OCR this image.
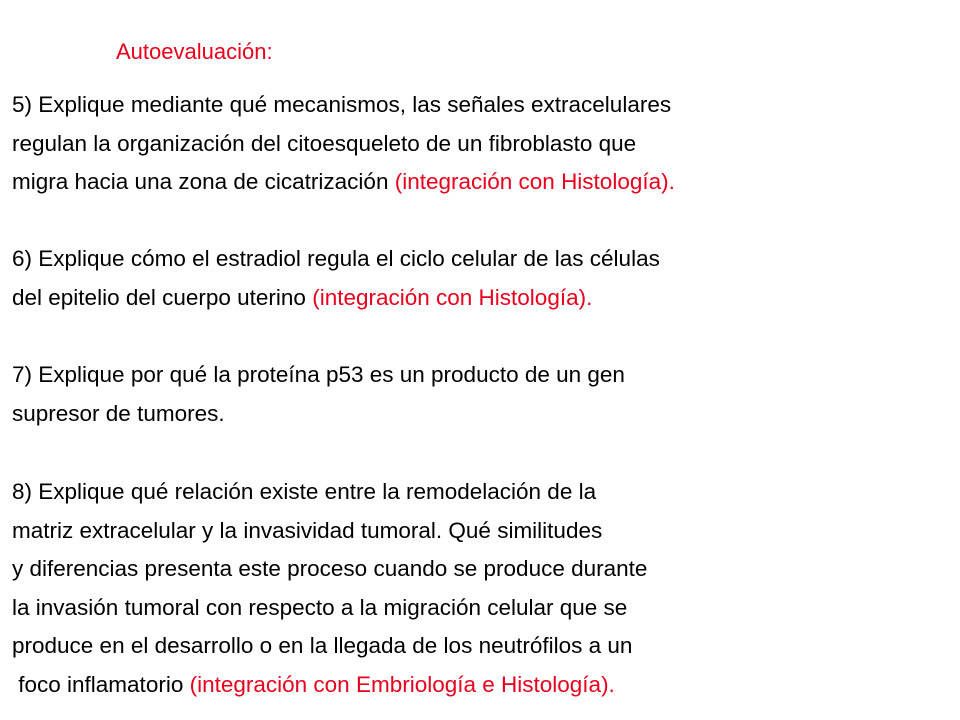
Autoevaluación:
5) Explique mediante qué mecanismos, las señales extracelulares
regulan la organización del citoesqueleto de un fibroblasto que
migra hacia una zona de cicatrización (integración con Histología).
6) Explique cómo el estradiol regula el ciclo celular de las células
del epitelio del cuerpo uterino (integración con Histología).
7) Explique por qué la proteína p53 es un producto de un gen
supresor de tumores.
8) Explique qué relación existe entre la remodelación de la
matriz extracelular y la invasividad tumoral. Qué similitudes
y diferencias presenta este proceso cuando se produce durante
la invasión tumoral con respecto a la migración celular que se
produce en el desarrollo o en la llegada de los neutrófilos a un
foco inflamatorio (integración con Embriología e Histología).
